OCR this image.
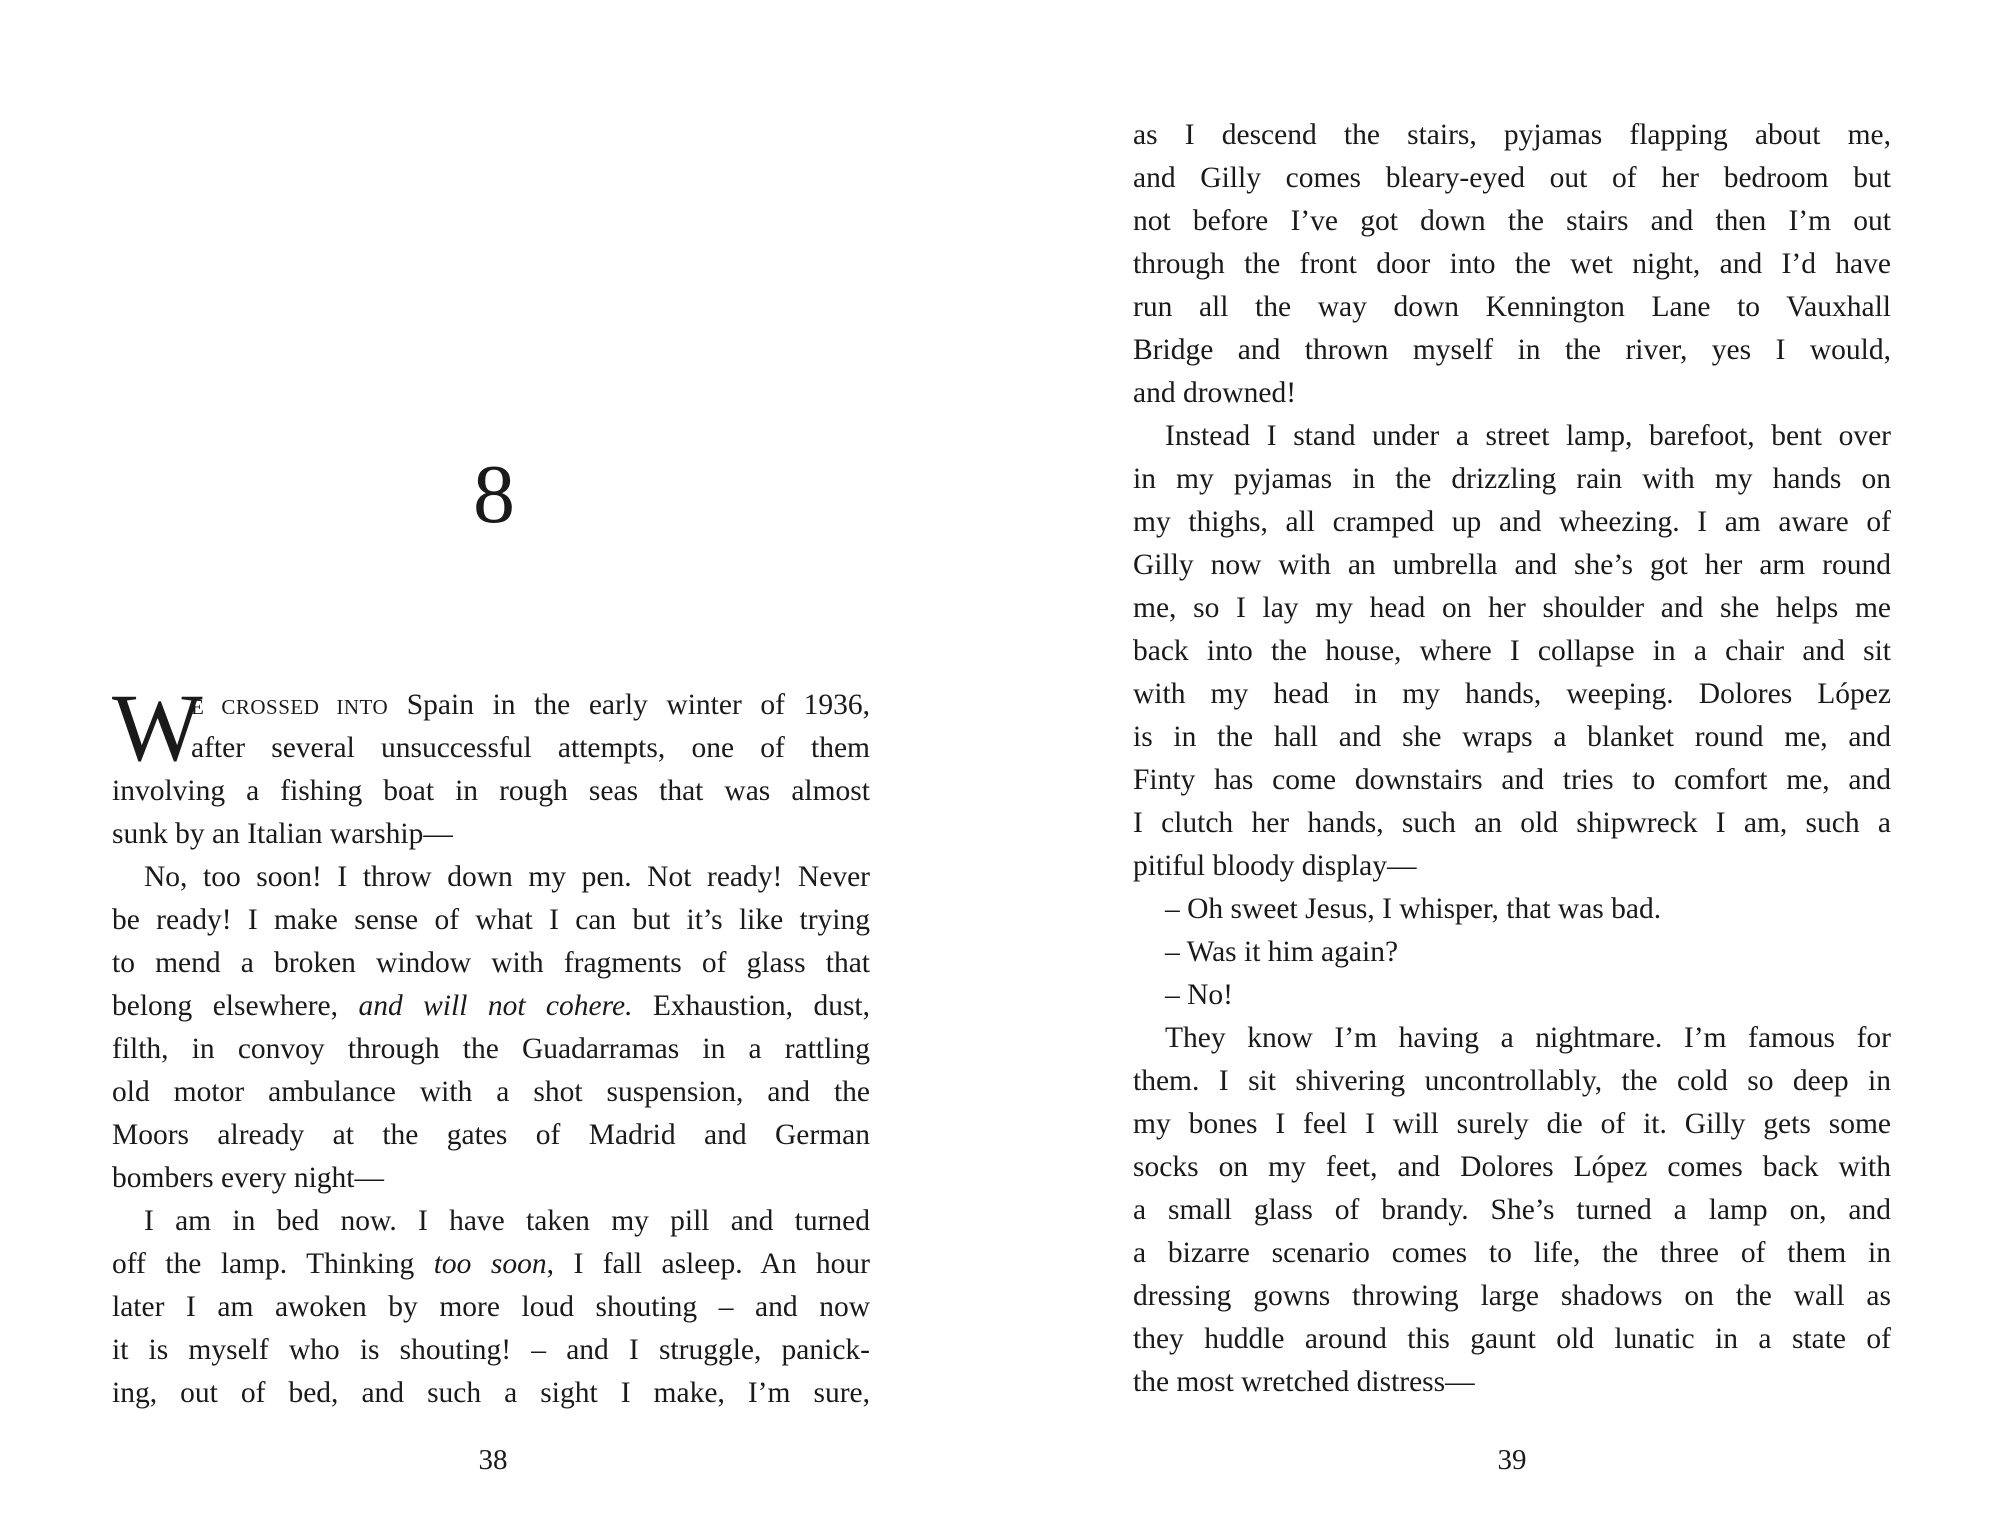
8
W
E CROSSED INTO Spain in the early winter of 1936,
after several unsuccessful attempts, one of them
involving a fishing boat in rough seas that was almost
sunk by an Italian warship—
No, too soon! I throw down my pen. Not ready! Never
be ready! I make sense of what I can but it’s like trying
to mend a broken window with fragments of glass that
belong elsewhere, and will not cohere. Exhaustion, dust,
filth, in convoy through the Guadarramas in a rattling
old motor ambulance with a shot suspension, and the
Moors already at the gates of Madrid and German
bombers every night—
I am in bed now. I have taken my pill and turned
off the lamp. Thinking too soon, I fall asleep. An hour
later I am awoken by more loud shouting – and now
it is myself who is shouting! – and I struggle, panick-
ing, out of bed, and such a sight I make, I’m sure,
38
as I descend the stairs, pyjamas flapping about me,
and Gilly comes bleary-eyed out of her bedroom but
not before I’ve got down the stairs and then I’m out
through the front door into the wet night, and I’d have
run all the way down Kennington Lane to Vauxhall
Bridge and thrown myself in the river, yes I would,
and drowned!
Instead I stand under a street lamp, barefoot, bent over
in my pyjamas in the drizzling rain with my hands on
my thighs, all cramped up and wheezing. I am aware of
Gilly now with an umbrella and she’s got her arm round
me, so I lay my head on her shoulder and she helps me
back into the house, where I collapse in a chair and sit
with my head in my hands, weeping. Dolores López
is in the hall and she wraps a blanket round me, and
Finty has come downstairs and tries to comfort me, and
I clutch her hands, such an old shipwreck I am, such a
pitiful bloody display—
– Oh sweet Jesus, I whisper, that was bad.
– Was it him again?
– No!
They know I’m having a nightmare. I’m famous for
them. I sit shivering uncontrollably, the cold so deep in
my bones I feel I will surely die of it. Gilly gets some
socks on my feet, and Dolores López comes back with
a small glass of brandy. She’s turned a lamp on, and
a bizarre scenario comes to life, the three of them in
dressing gowns throwing large shadows on the wall as
they huddle around this gaunt old lunatic in a state of
the most wretched distress—
39
